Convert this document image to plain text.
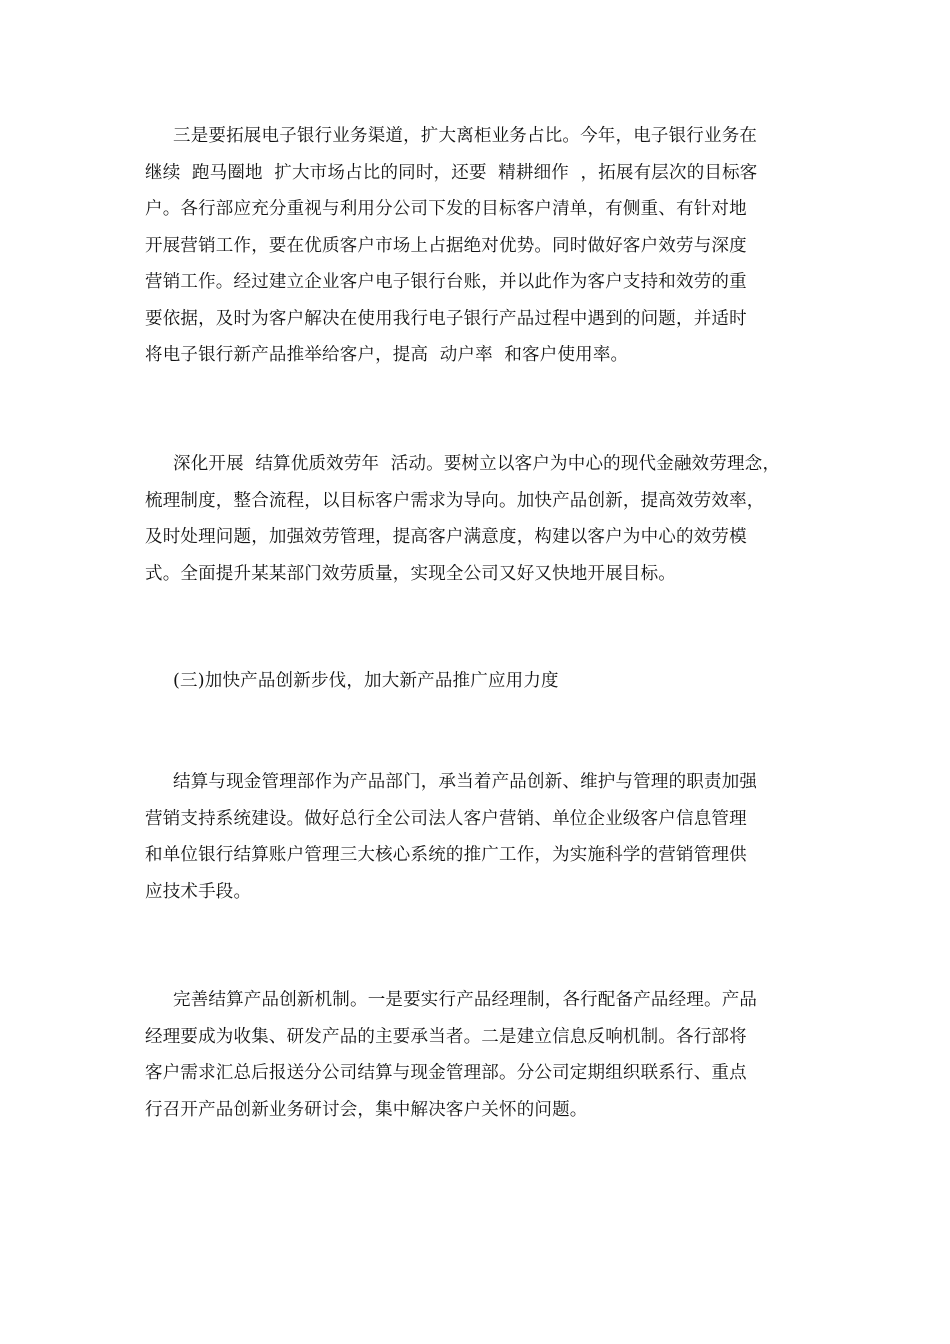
三是要拓展电子银行业务渠道，扩大离柜业务占比。今年，电子银行业务在
继续  跑马圈地  扩大市场占比的同时，还要  精耕细作  ，拓展有层次的目标客
户。各行部应充分重视与利用分公司下发的目标客户清单，有侧重、有针对地
开展营销工作，要在优质客户市场上占据绝对优势。同时做好客户效劳与深度
营销工作。经过建立企业客户电子银行台账，并以此作为客户支持和效劳的重
要依据，及时为客户解决在使用我行电子银行产品过程中遇到的问题，并适时
将电子银行新产品推举给客户，提高  动户率  和客户使用率。
深化开展  结算优质效劳年  活动。要树立以客户为中心的现代金融效劳理念，
梳理制度，整合流程，以目标客户需求为导向。加快产品创新，提高效劳效率，
及时处理问题，加强效劳管理，提高客户满意度，构建以客户为中心的效劳模
式。全面提升某某部门效劳质量，实现全公司又好又快地开展目标。
(三)加快产品创新步伐，加大新产品推广应用力度
结算与现金管理部作为产品部门，承当着产品创新、维护与管理的职责加强
营销支持系统建设。做好总行全公司法人客户营销、单位企业级客户信息管理
和单位银行结算账户管理三大核心系统的推广工作，为实施科学的营销管理供
应技术手段。
完善结算产品创新机制。一是要实行产品经理制，各行配备产品经理。产品
经理要成为收集、研发产品的主要承当者。二是建立信息反响机制。各行部将
客户需求汇总后报送分公司结算与现金管理部。分公司定期组织联系行、重点
行召开产品创新业务研讨会，集中解决客户关怀的问题。
